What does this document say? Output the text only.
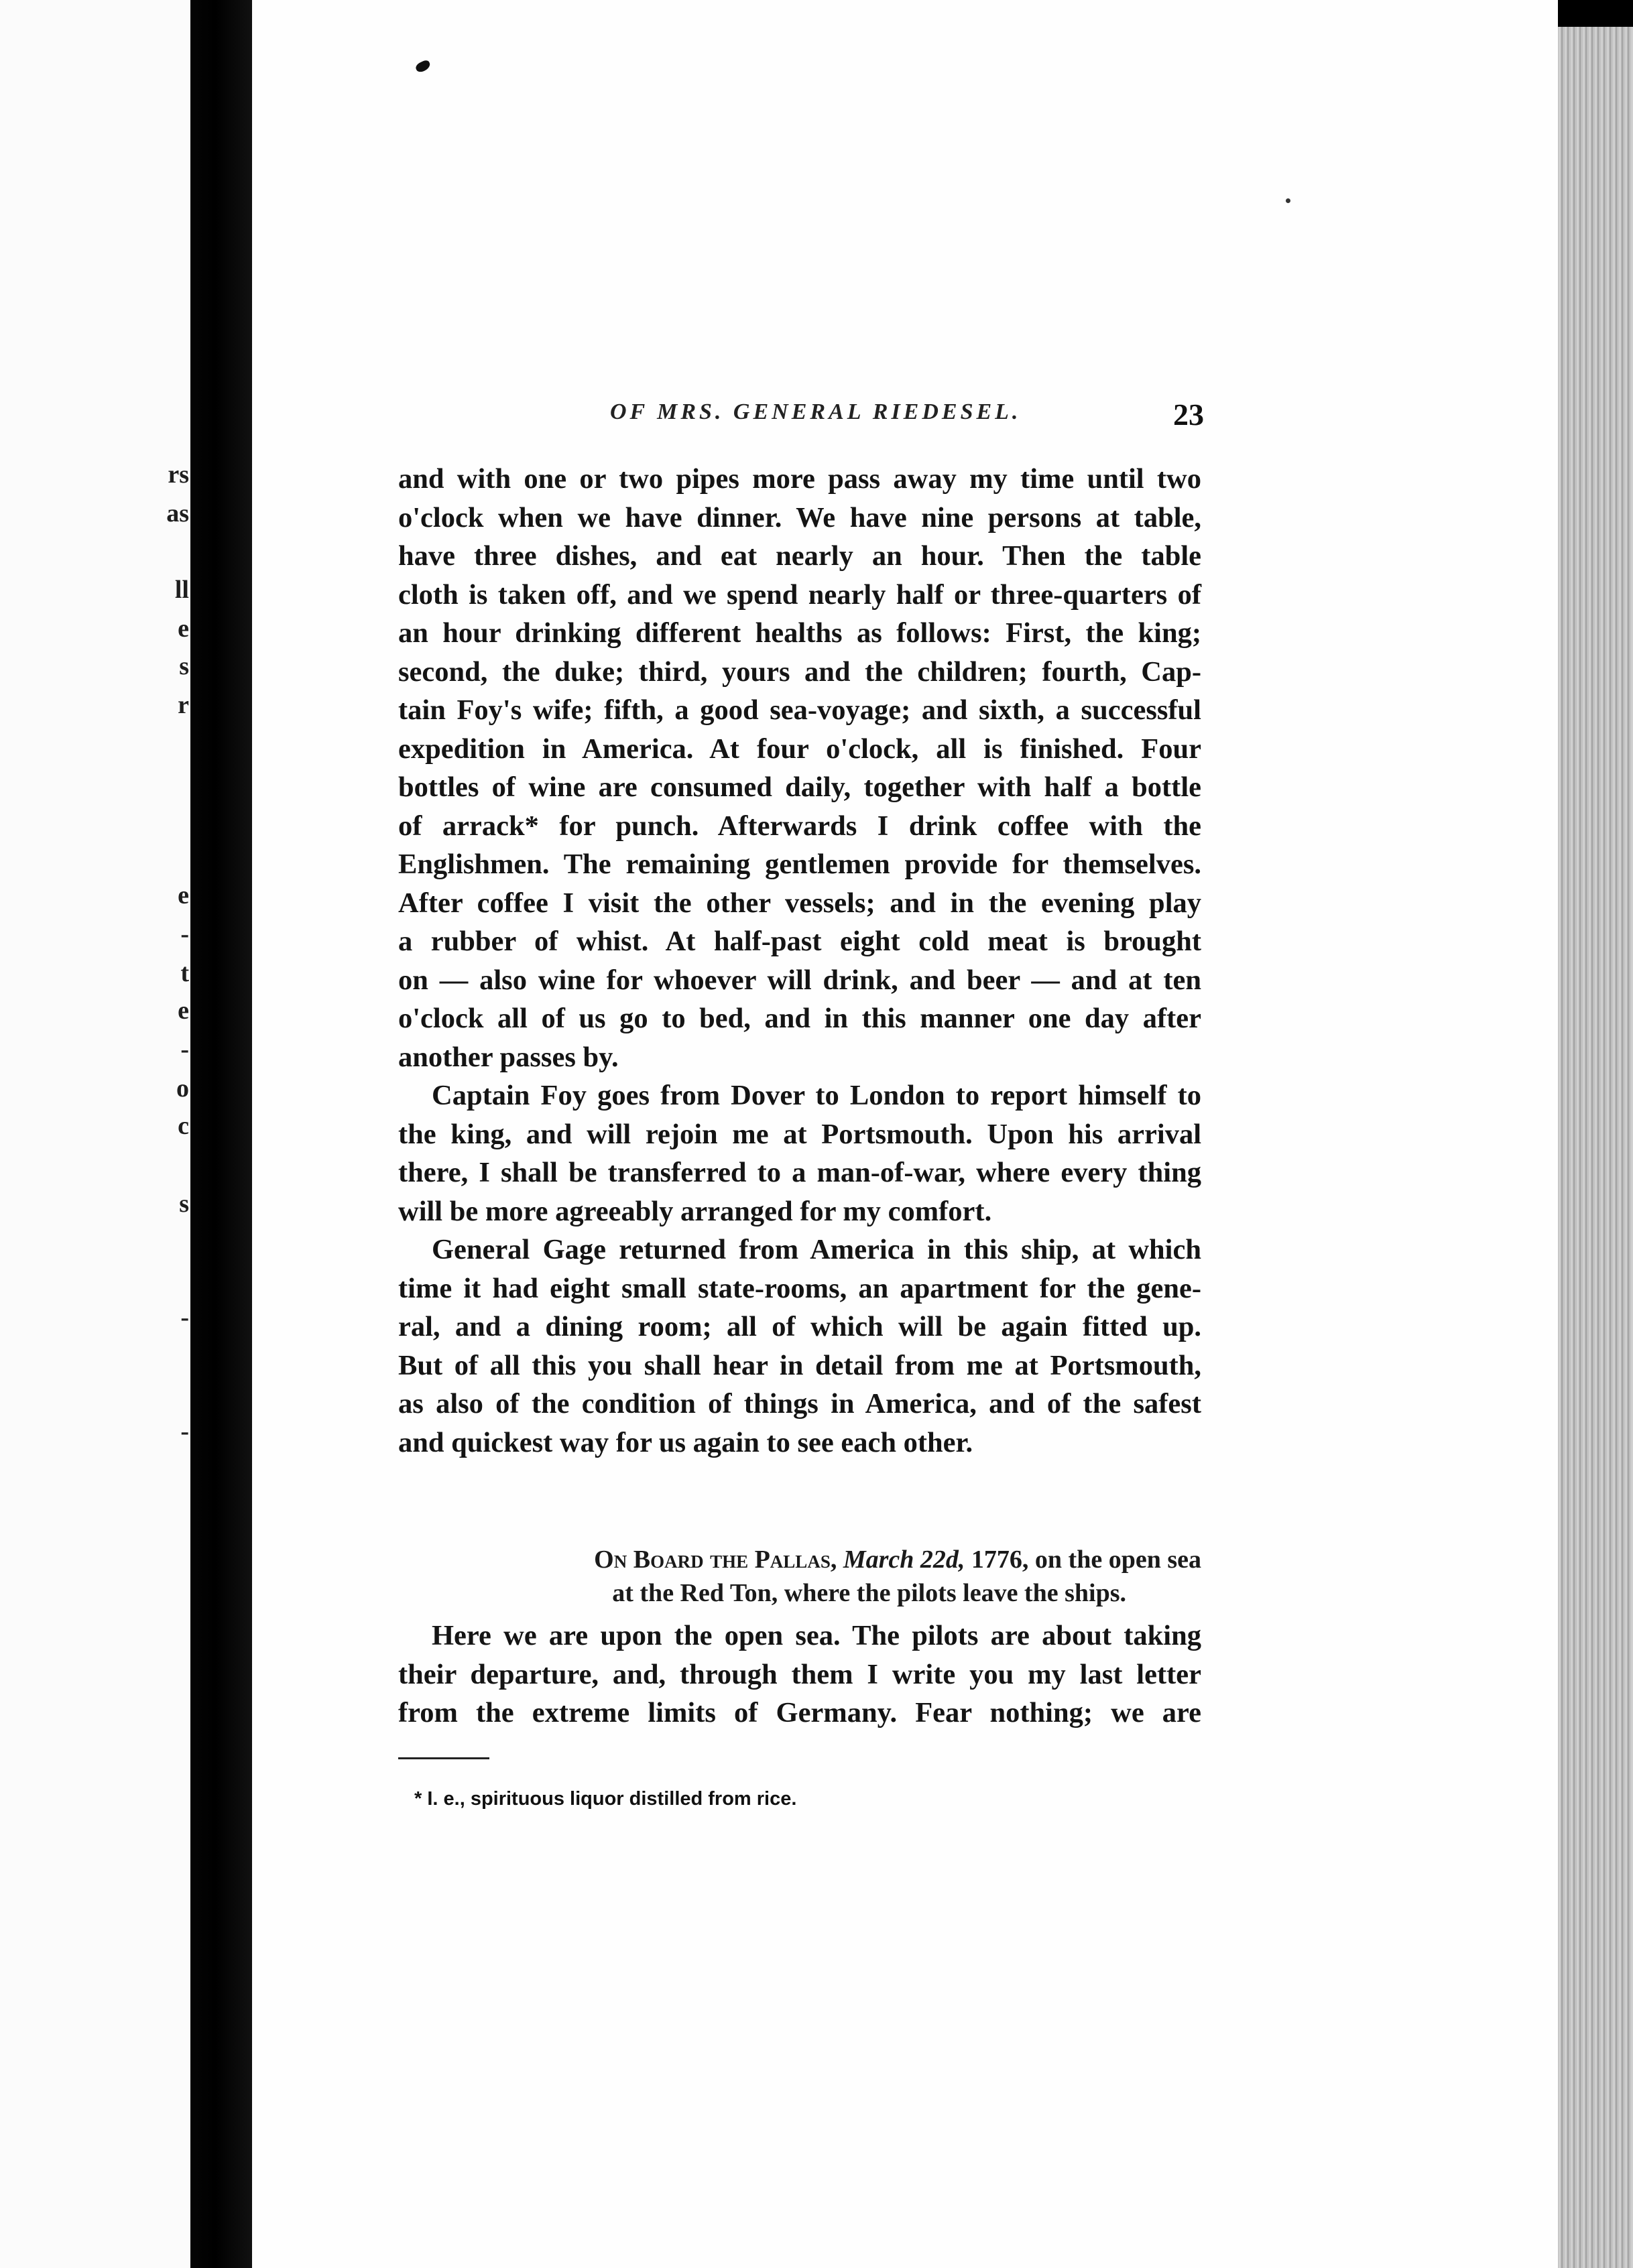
rs
as
ll
e
s
r
e
-
t
e
-
o
c
s
-
-
OF MRS. GENERAL RIEDESEL.	23

and with one or two pipes more pass away my time until two

o'clock when we have dinner. We have nine persons at table,

have three dishes, and eat nearly an hour. Then the table

cloth is taken off, and we spend nearly half or three-quarters of

an hour drinking different healths as follows: First, the king;

second, the duke; third, yours and the children; fourth, Cap-

tain Foy's wife; fifth, a good sea-voyage; and sixth, a successful

expedition in America. At four o'clock, all is finished. Four

bottles of wine are consumed daily, together with half a bottle

of arrack* for punch. Afterwards I drink coffee with the

Englishmen. The remaining gentlemen provide for themselves.

After coffee I visit the other vessels; and in the evening play

a rubber of whist. At half-past eight cold meat is brought

on — also wine for whoever will drink, and beer — and at ten

o'clock all of us go to bed, and in this manner one day after

another passes by.

Captain Foy goes from Dover to London to report himself to

the king, and will rejoin me at Portsmouth. Upon his arrival

there, I shall be transferred to a man-of-war, where every thing

will be more agreeably arranged for my comfort.

General Gage returned from America in this ship, at which

time it had eight small state-rooms, an apartment for the gene-

ral, and a dining room; all of which will be again fitted up.

But of all this you shall hear in detail from me at Portsmouth,

as also of the condition of things in America, and of the safest

and quickest way for us again to see each other.

On Board the Pallas, March 22d, 1776, on the open sea
at the Red Ton, where the pilots leave the ships.

Here we are upon the open sea. The pilots are about taking

their departure, and, through them I write you my last letter

from the extreme limits of Germany. Fear nothing; we are

* I. e., spirituous liquor distilled from rice.
